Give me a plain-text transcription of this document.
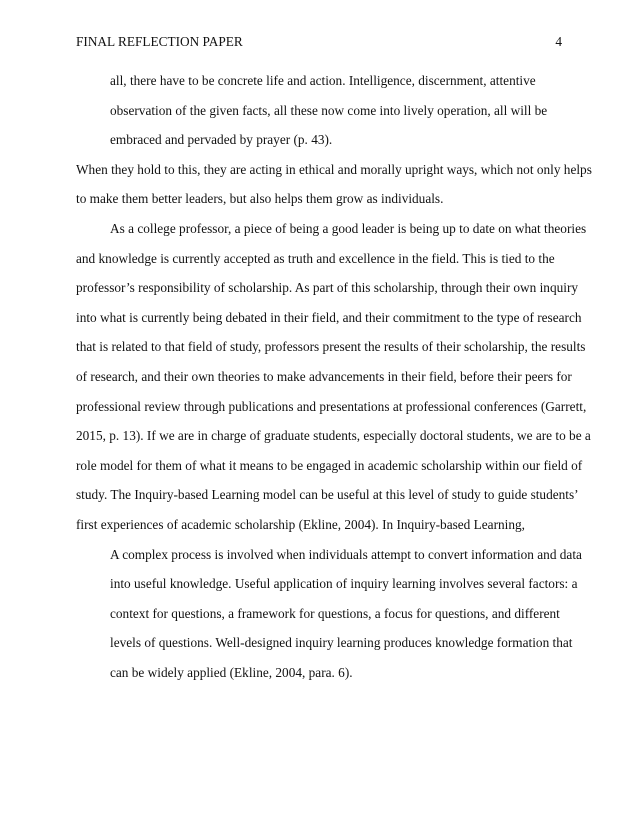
FINAL REFLECTION PAPER	4
all, there have to be concrete life and action. Intelligence, discernment, attentive
observation of the given facts, all these now come into lively operation, all will be
embraced and pervaded by prayer (p. 43).
When they hold to this, they are acting in ethical and morally upright ways, which not only helps
to make them better leaders, but also helps them grow as individuals.
As a college professor, a piece of being a good leader is being up to date on what theories
and knowledge is currently accepted as truth and excellence in the field. This is tied to the
professor’s responsibility of scholarship. As part of this scholarship, through their own inquiry
into what is currently being debated in their field, and their commitment to the type of research
that is related to that field of study, professors present the results of their scholarship, the results
of research, and their own theories to make advancements in their field, before their peers for
professional review through publications and presentations at professional conferences (Garrett,
2015, p. 13). If we are in charge of graduate students, especially doctoral students, we are to be a
role model for them of what it means to be engaged in academic scholarship within our field of
study. The Inquiry-based Learning model can be useful at this level of study to guide students’
first experiences of academic scholarship (Ekline, 2004). In Inquiry-based Learning,
A complex process is involved when individuals attempt to convert information and data
into useful knowledge. Useful application of inquiry learning involves several factors: a
context for questions, a framework for questions, a focus for questions, and different
levels of questions. Well-designed inquiry learning produces knowledge formation that
can be widely applied (Ekline, 2004, para. 6).
